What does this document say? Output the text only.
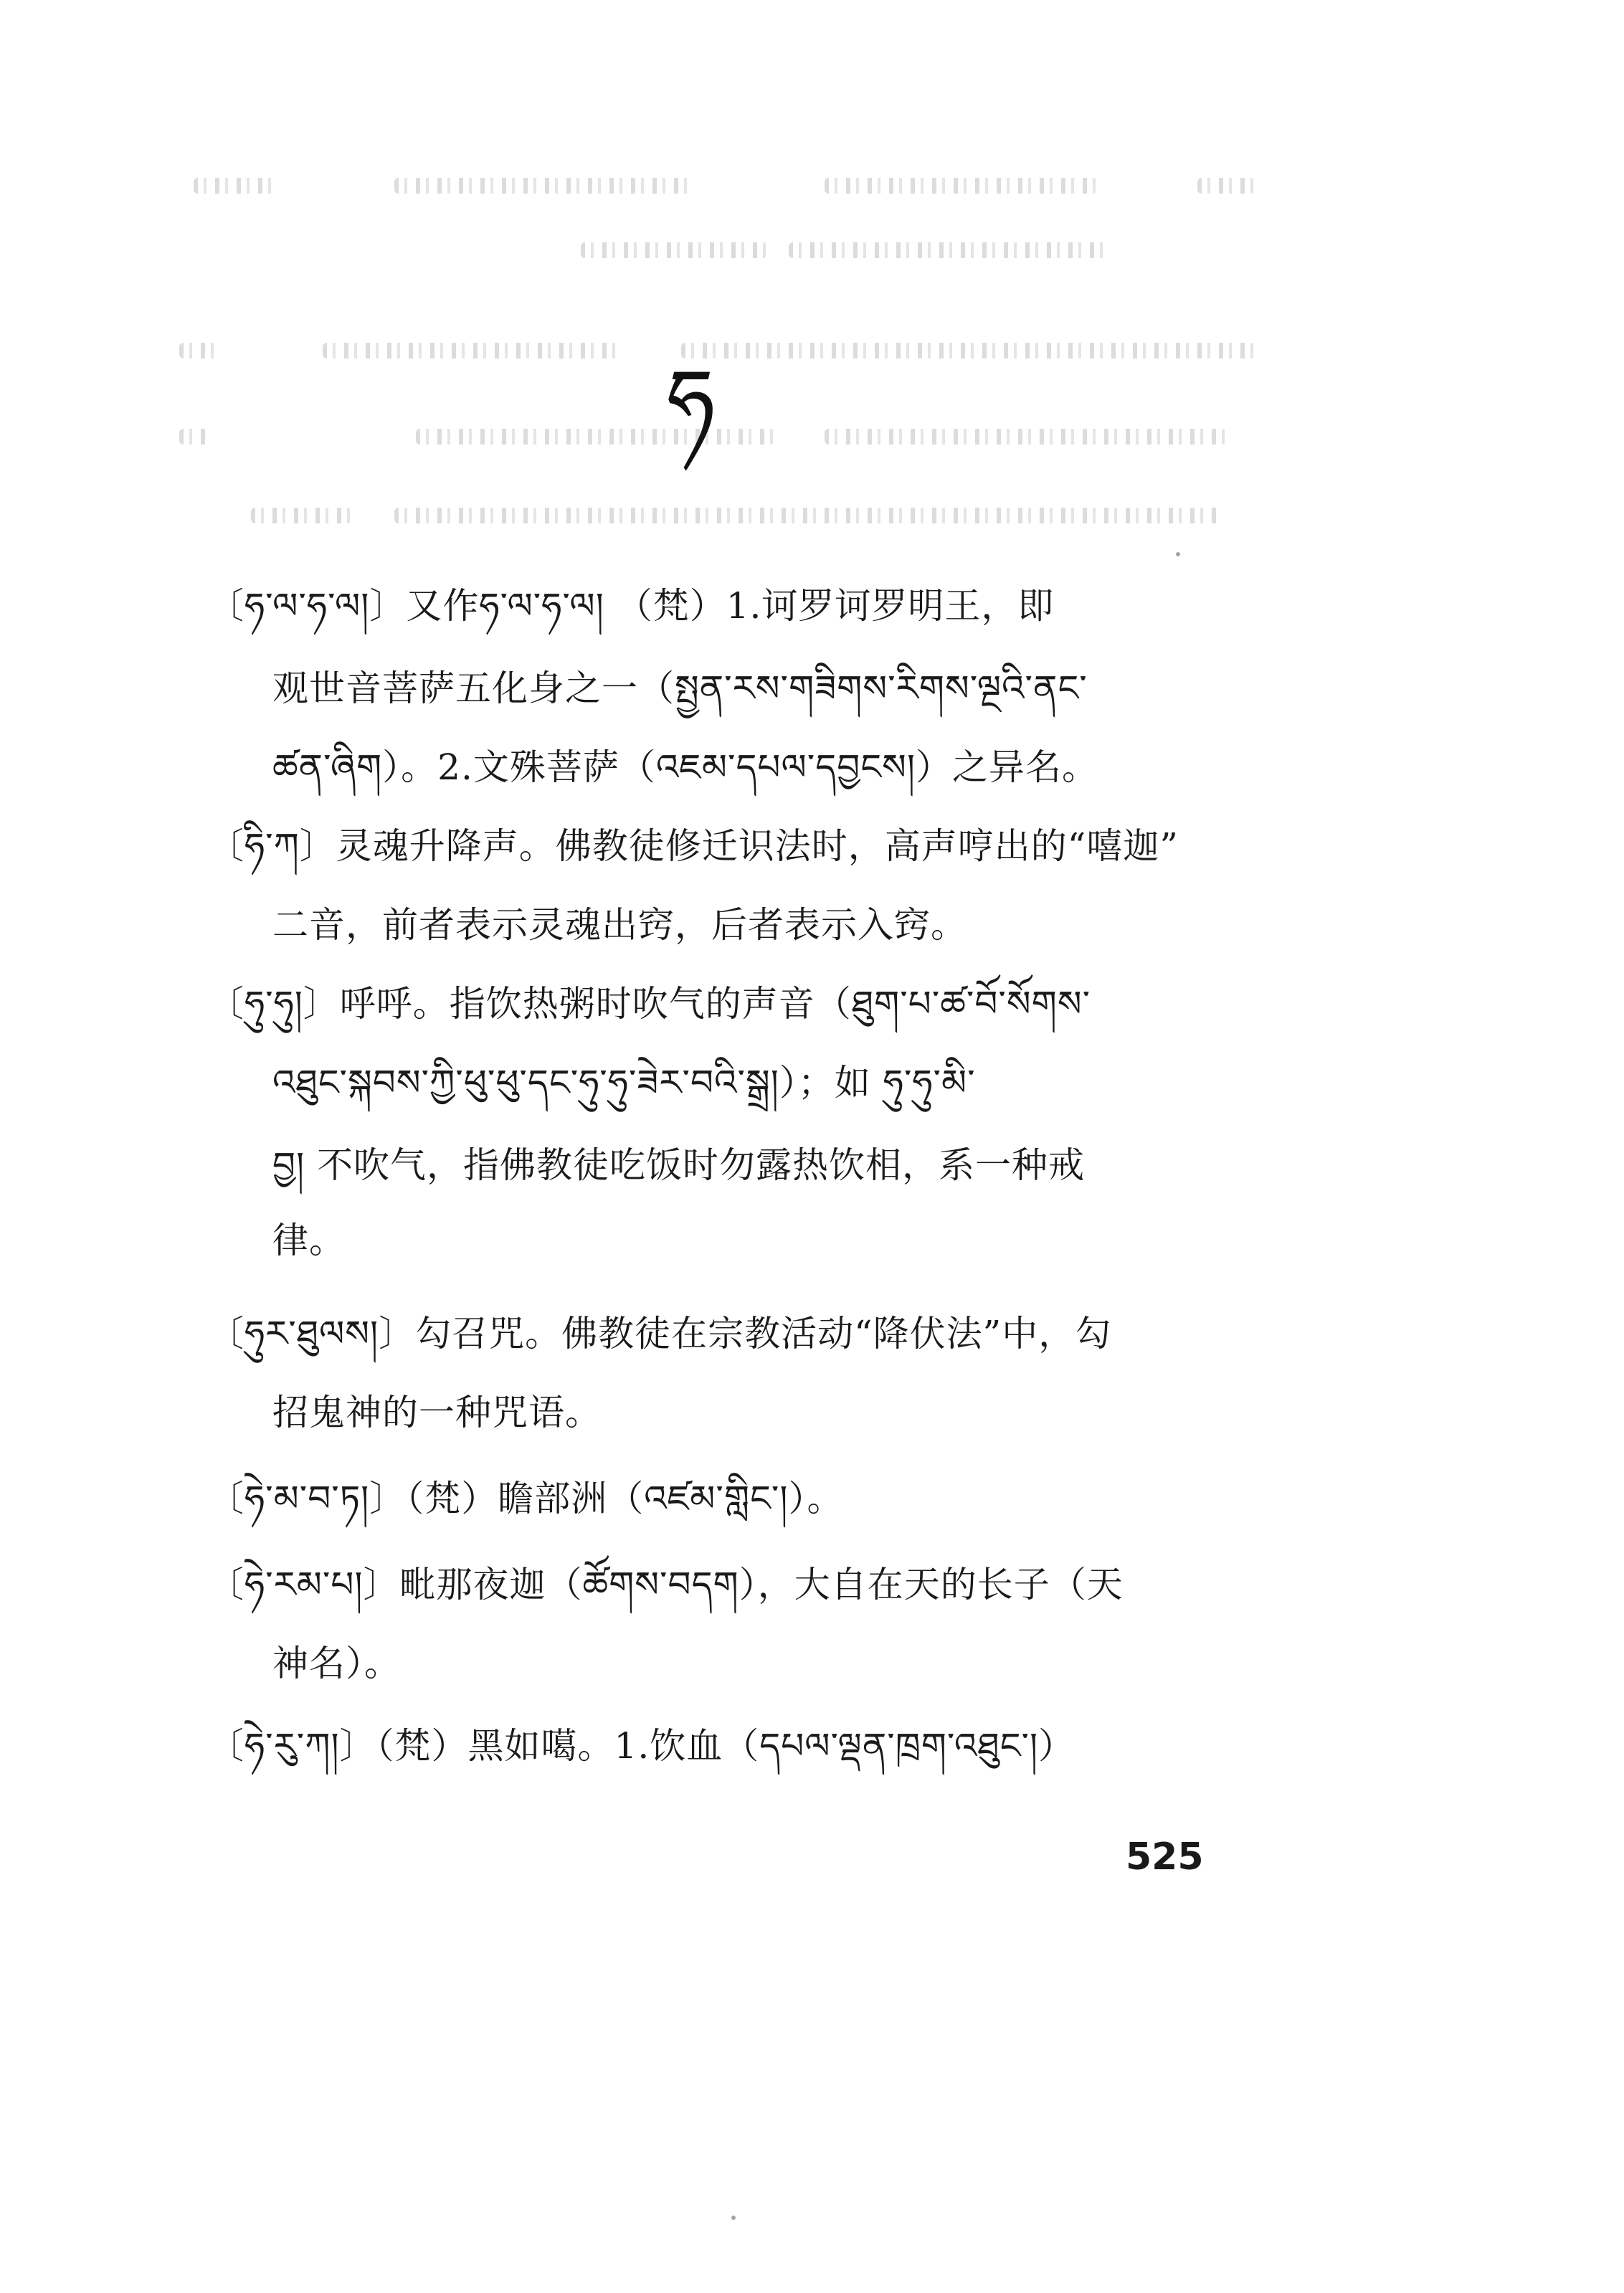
ཧ
〔ཧ་ལ་ཧ་ལ།〕又作ཧ་ལ་ཧ་ལ། （梵）1.诃罗诃罗明王，即
观世音菩萨五化身之一（སྤྱན་རས་གཟིགས་རིགས་ལྔའི་ནང་
ཚན་ཞིག）。2.文殊菩萨（འཇམ་དཔལ་དབྱངས།）之异名。
〔ཧི་ཀ〕灵魂升降声。佛教徒修迁识法时，高声哼出的“嘻迦”
二音，前者表示灵魂出窍，后者表示入窍。
〔ཧུ་ཧུ།〕呼呼。指饮热粥时吹气的声音（ཐུག་པ་ཚ་བོ་སོགས་
འཐུང་སྐབས་ཀྱི་ཕུ་ཕུ་དང་ཧུ་ཧུ་ཟེར་བའི་སྒྲ།）；如 ཧུ་ཧུ་མི་
བྱ། 不吹气，指佛教徒吃饭时勿露热饮相，系一种戒
律。
〔ཧུར་ཐུལས།〕勾召咒。佛教徒在宗教活动“降伏法”中，勾
招鬼神的一种咒语。
〔ཧེ་མ་བ་ཏ།〕（梵）瞻部洲（འཛམ་གླིང་།）。
〔ཧེ་རམ་པ།〕毗那夜迦（ཚོགས་བདག），大自在天的长子（天
神名）。
〔ཧེ་རུ་ཀ།〕（梵）黑如噶。1.饮血（དཔལ་ལྡན་ཁྲག་འཐུང་།）
525
